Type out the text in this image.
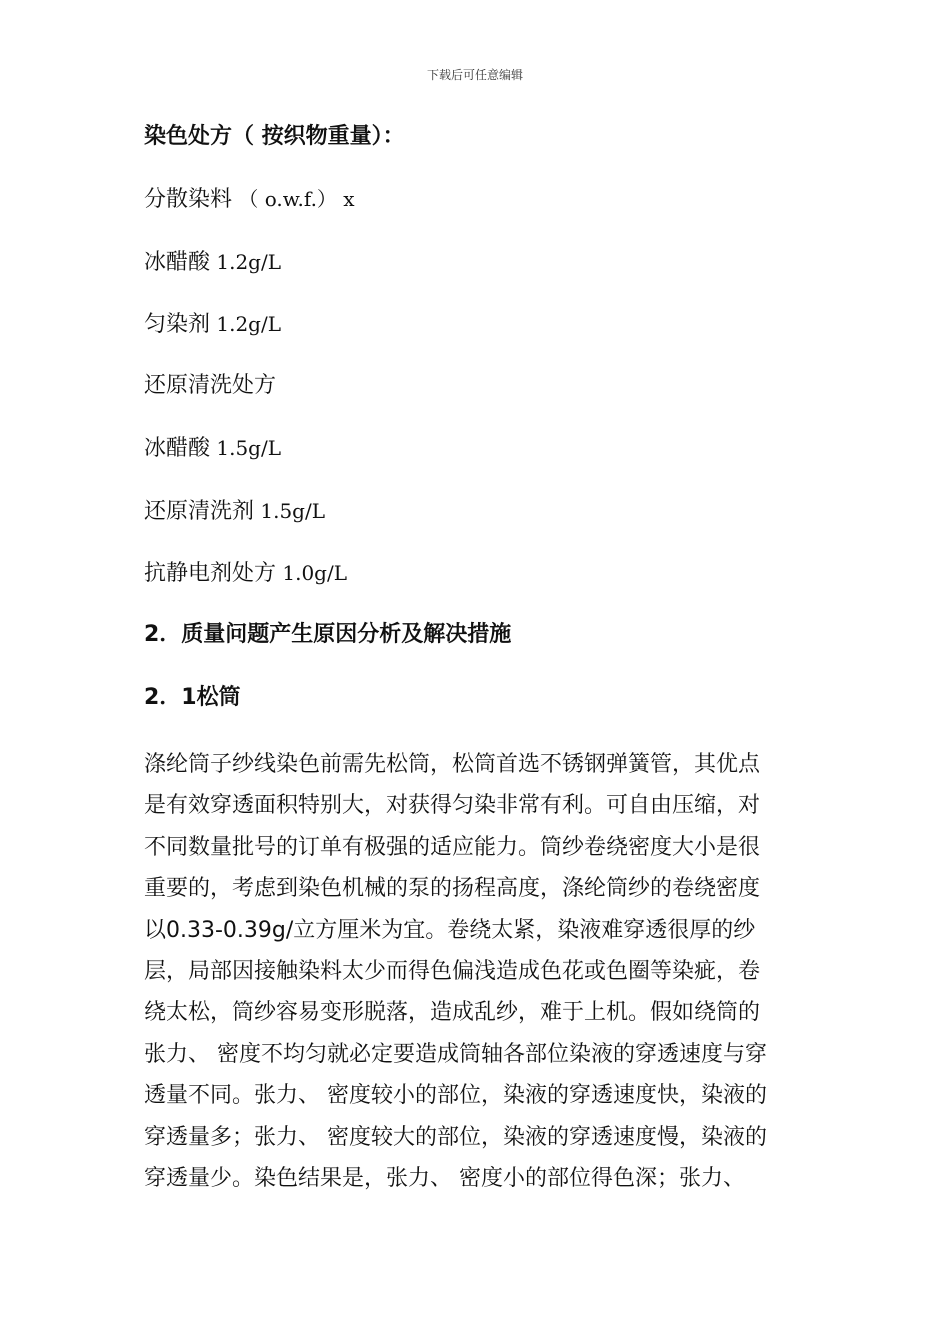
下载后可任意编辑
染色处方（ 按织物重量）：
分散染料 （ o.w.f.） x
冰醋酸 1.2g/L
匀染剂 1.2g/L
还原清洗处方
冰醋酸 1.5g/L
还原清洗剂 1.5g/L
抗静电剂处方 1.0g/L
2．质量问题产生原因分析及解决措施
2．1松筒
涤纶筒子纱线染色前需先松筒，松筒首选不锈钢弹簧管，其优点
是有效穿透面积特别大，对获得匀染非常有利。可自由压缩，对
不同数量批号的订单有极强的适应能力。筒纱卷绕密度大小是很
重要的，考虑到染色机械的泵的扬程高度，涤纶筒纱的卷绕密度
以0.33-0.39g/立方厘米为宜。卷绕太紧，染液难穿透很厚的纱
层，局部因接触染料太少而得色偏浅造成色花或色圈等染疵，卷
绕太松，筒纱容易变形脱落，造成乱纱，难于上机。假如绕筒的
张力、 密度不均匀就必定要造成筒轴各部位染液的穿透速度与穿
透量不同。张力、 密度较小的部位，染液的穿透速度快，染液的
穿透量多；张力、 密度较大的部位，染液的穿透速度慢，染液的
穿透量少。染色结果是，张力、 密度小的部位得色深；张力、
